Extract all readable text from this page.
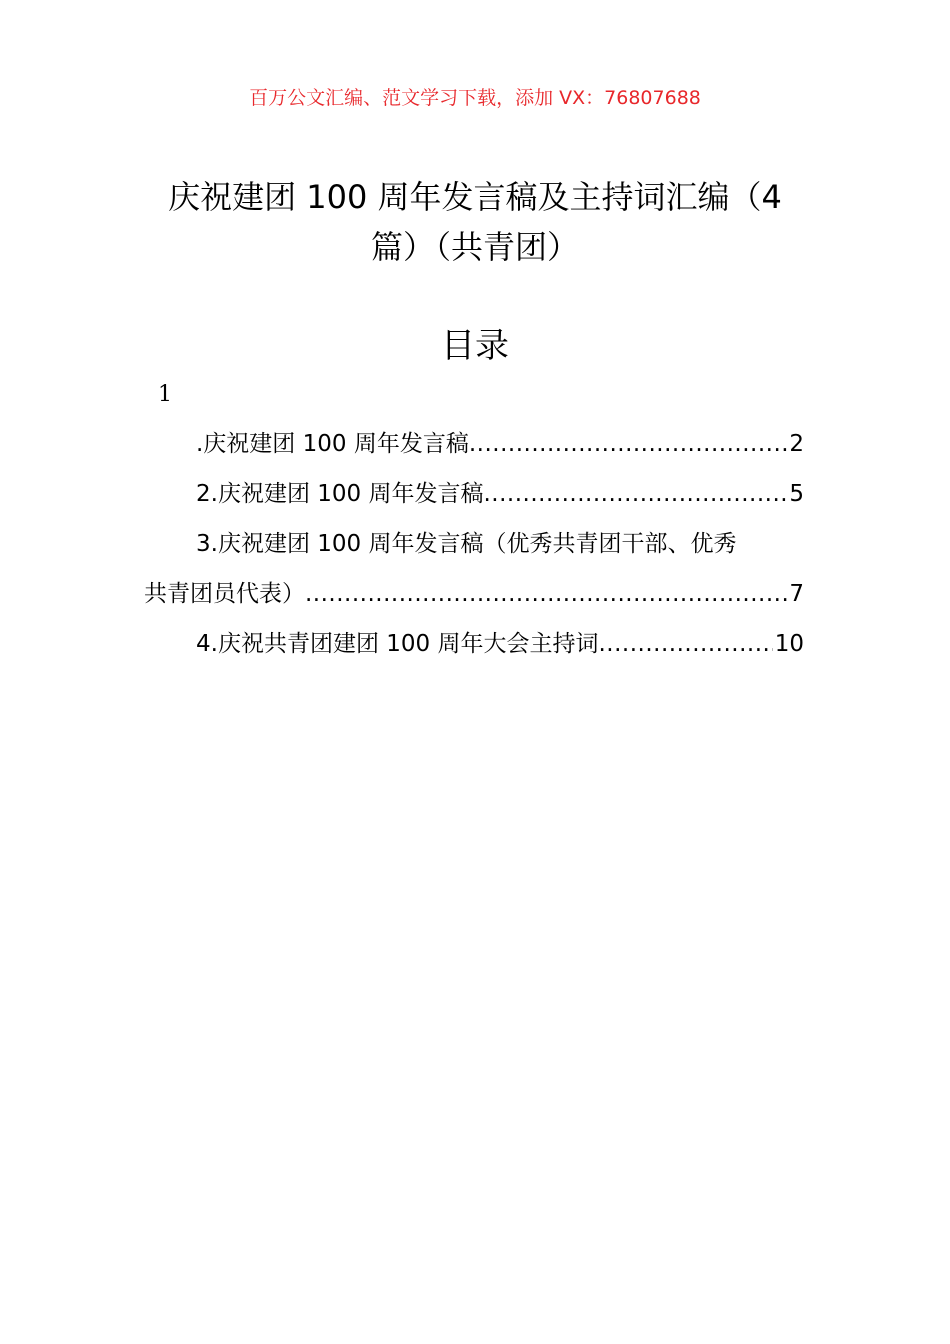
百万公文汇编、范文学习下载，添加 VX：76807688
庆祝建团 100 周年发言稿及主持词汇编（4
篇）（共青团）
目录
1
.庆祝建团 100 周年发言稿 .....	2
2.庆祝建团 100 周年发言稿 .....	5
3.庆祝建团 100 周年发言稿（优秀共青团干部、优秀
共青团员代表） .....	7
4.庆祝共青团建团 100 周年大会主持词 .....	10
